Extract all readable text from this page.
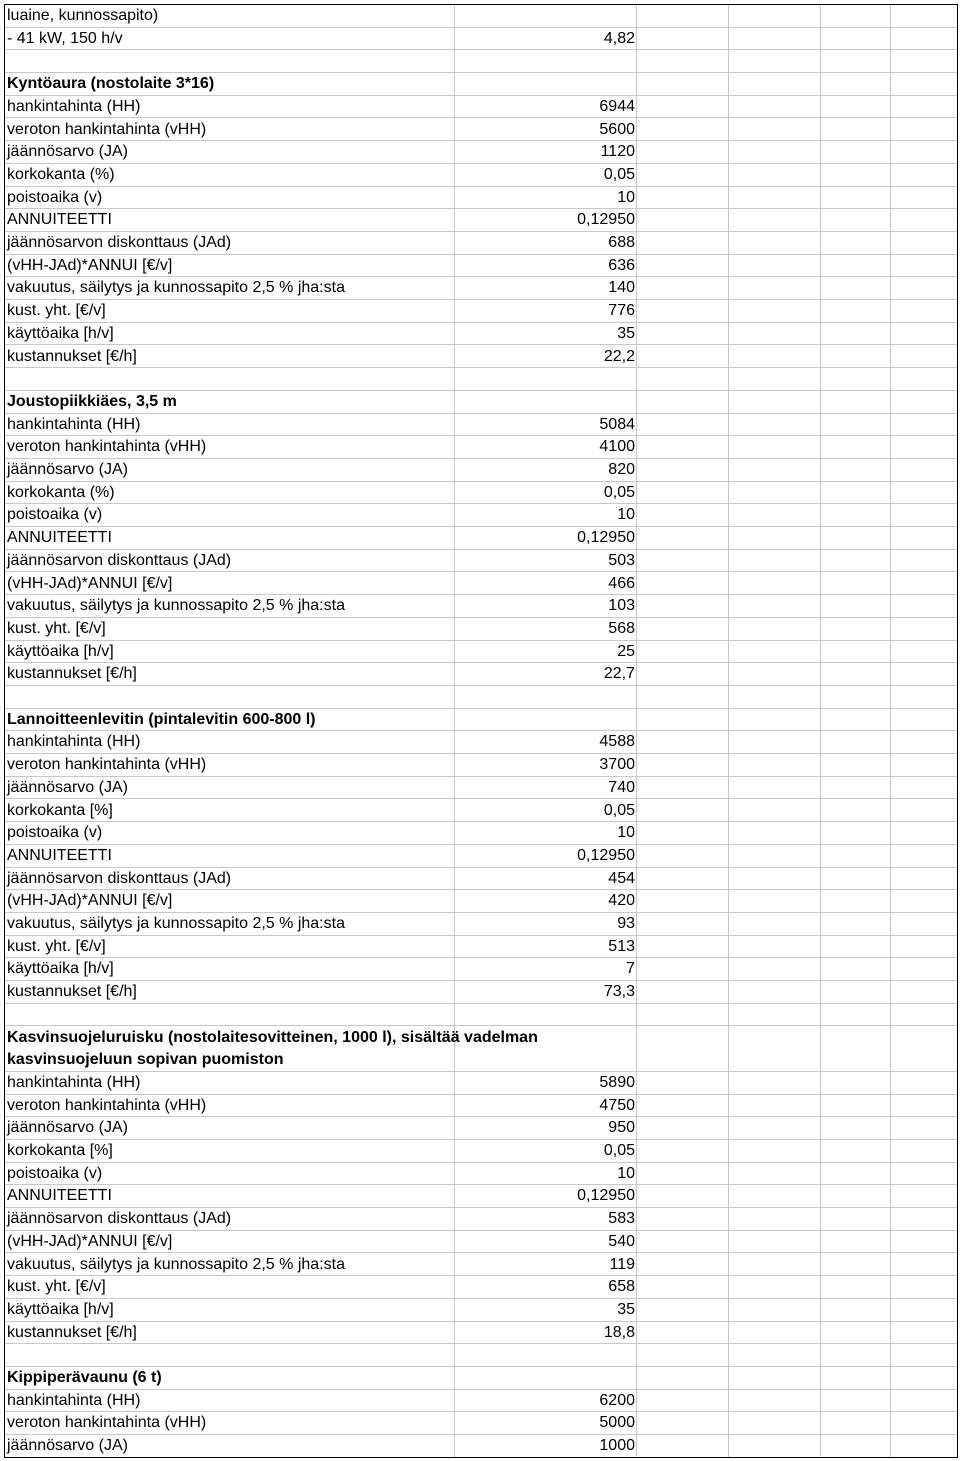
luaine, kunnossapito)
- 41 kW, 150 h/v	4,82
Kyntöaura (nostolaite 3*16)
hankintahinta (HH)	6944
veroton hankintahinta (vHH)	5600
jäännösarvo (JA)	1120
korkokanta (%)	0,05
poistoaika (v)	10
ANNUITEETTI	0,12950
jäännösarvon diskonttaus (JAd)	688
(vHH-JAd)*ANNUI [€/v]	636
vakuutus, säilytys ja kunnossapito 2,5 % jha:sta	140
kust. yht. [€/v]	776
käyttöaika [h/v]	35
kustannukset [€/h]	22,2
Joustopiikkiäes, 3,5 m
hankintahinta (HH)	5084
veroton hankintahinta (vHH)	4100
jäännösarvo (JA)	820
korkokanta (%)	0,05
poistoaika (v)	10
ANNUITEETTI	0,12950
jäännösarvon diskonttaus (JAd)	503
(vHH-JAd)*ANNUI [€/v]	466
vakuutus, säilytys ja kunnossapito 2,5 % jha:sta	103
kust. yht. [€/v]	568
käyttöaika [h/v]	25
kustannukset [€/h]	22,7
Lannoitteenlevitin (pintalevitin 600-800 l)
hankintahinta (HH)	4588
veroton hankintahinta (vHH)	3700
jäännösarvo (JA)	740
korkokanta [%]	0,05
poistoaika (v)	10
ANNUITEETTI	0,12950
jäännösarvon diskonttaus (JAd)	454
(vHH-JAd)*ANNUI [€/v]	420
vakuutus, säilytys ja kunnossapito 2,5 % jha:sta	93
kust. yht. [€/v]	513
käyttöaika [h/v]	7
kustannukset [€/h]	73,3
Kasvinsuojeluruisku (nostolaitesovitteinen, 1000 l), sisältää vadelman kasvinsuojeluun sopivan puomiston
hankintahinta (HH)	5890
veroton hankintahinta (vHH)	4750
jäännösarvo (JA)	950
korkokanta [%]	0,05
poistoaika (v)	10
ANNUITEETTI	0,12950
jäännösarvon diskonttaus (JAd)	583
(vHH-JAd)*ANNUI [€/v]	540
vakuutus, säilytys ja kunnossapito 2,5 % jha:sta	119
kust. yht. [€/v]	658
käyttöaika [h/v]	35
kustannukset [€/h]	18,8
Kippiperävaunu (6 t)
hankintahinta (HH)	6200
veroton hankintahinta (vHH)	5000
jäännösarvo (JA)	1000
